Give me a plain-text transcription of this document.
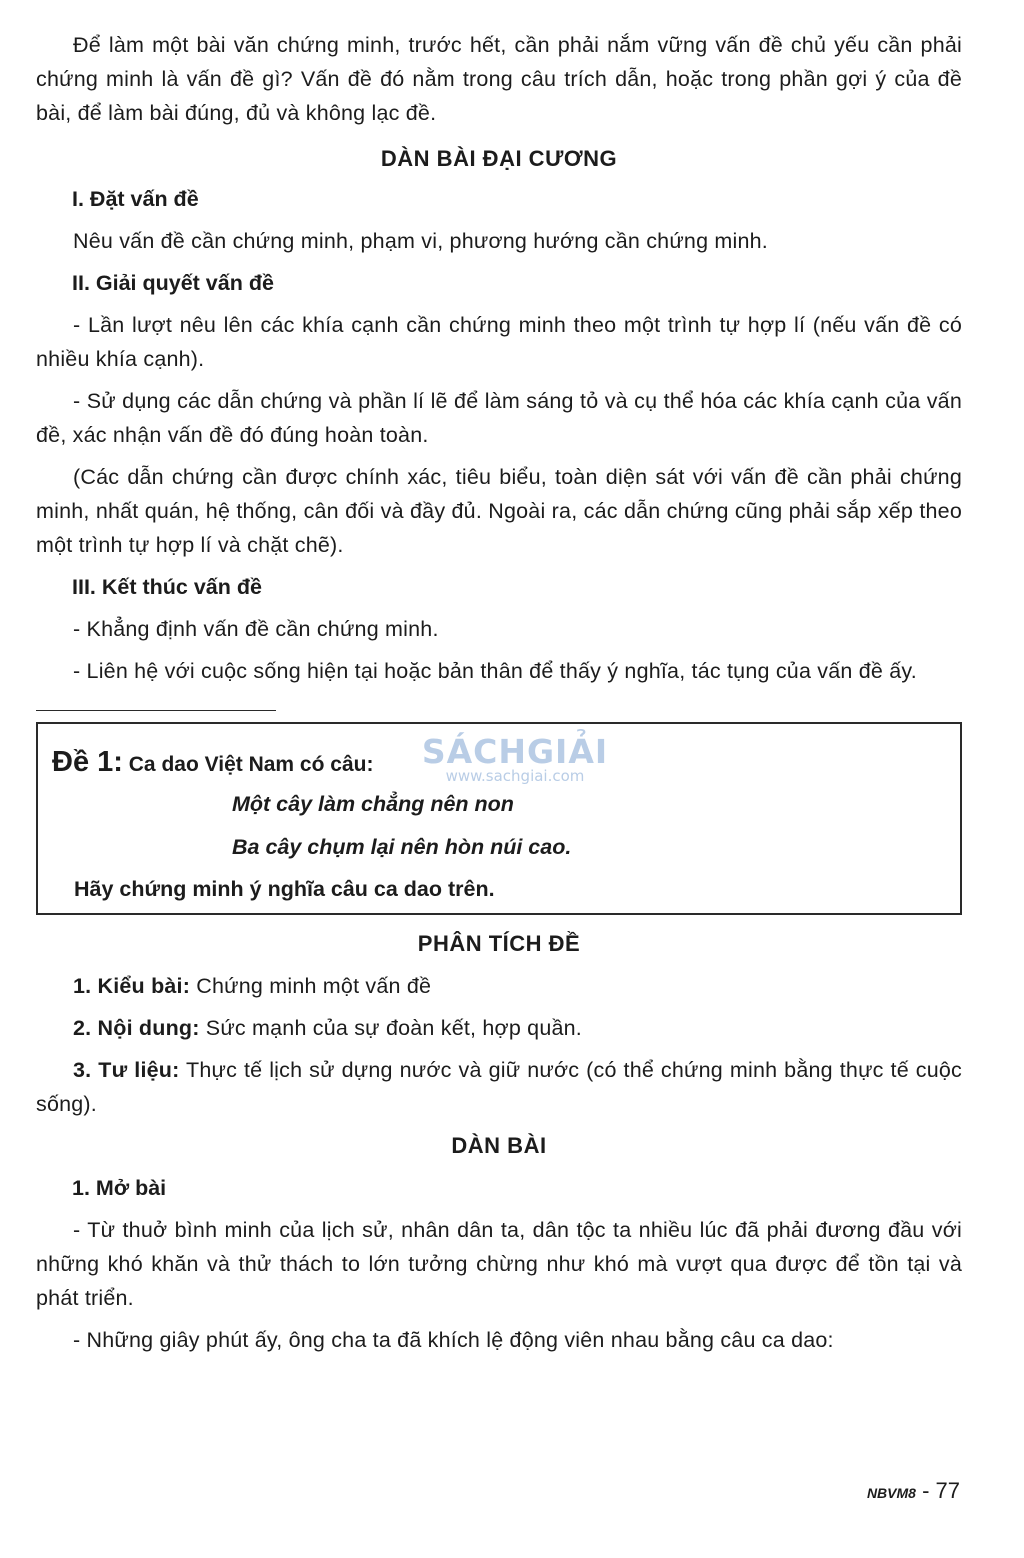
Để làm một bài văn chứng minh, trước hết, cần phải nắm vững vấn đề chủ yếu cần phải chứng minh là vấn đề gì? Vấn đề đó nằm trong câu trích dẫn, hoặc trong phần gợi ý của đề bài, để làm bài đúng, đủ và không lạc đề.

DÀN BÀI ĐẠI CƯƠNG
I. Đặt vấn đề

Nêu vấn đề cần chứng minh, phạm vi, phương hướng cần chứng minh.

II. Giải quyết vấn đề

- Lần lượt nêu lên các khía cạnh cần chứng minh theo một trình tự hợp lí (nếu vấn đề có nhiều khía cạnh).

- Sử dụng các dẫn chứng và phần lí lẽ để làm sáng tỏ và cụ thể hóa các khía cạnh của vấn đề, xác nhận vấn đề đó đúng hoàn toàn.

(Các dẫn chứng cần được chính xác, tiêu biểu, toàn diện sát với vấn đề cần phải chứng minh, nhất quán, hệ thống, cân đối và đầy đủ. Ngoài ra, các dẫn chứng cũng phải sắp xếp theo một trình tự hợp lí và chặt chẽ).

III. Kết thúc vấn đề

- Khẳng định vấn đề cần chứng minh.

- Liên hệ với cuộc sống hiện tại hoặc bản thân để thấy ý nghĩa, tác tụng của vấn đề ấy.

Đề 1: Ca dao Việt Nam có câu:
Một cây làm chẳng nên non
Ba cây chụm lại nên hòn núi cao.
Hãy chứng minh ý nghĩa câu ca dao trên.
PHÂN TÍCH ĐỀ

1. Kiểu bài: Chứng minh một vấn đề

2. Nội dung: Sức mạnh của sự đoàn kết, hợp quần.

3. Tư liệu: Thực tế lịch sử dựng nước và giữ nước (có thể chứng minh bằng thực tế cuộc sống).

DÀN BÀI
1. Mở bài

- Từ thuở bình minh của lịch sử, nhân dân ta, dân tộc ta nhiều lúc đã phải đương đầu với những khó khăn và thử thách to lớn tưởng chừng như khó mà vượt qua được để tồn tại và phát triển.

- Những giây phút ấy, ông cha ta đã khích lệ động viên nhau bằng câu ca dao:

SÁCHGIẢI
www.sachgiai.com
NBVM8 - 77
